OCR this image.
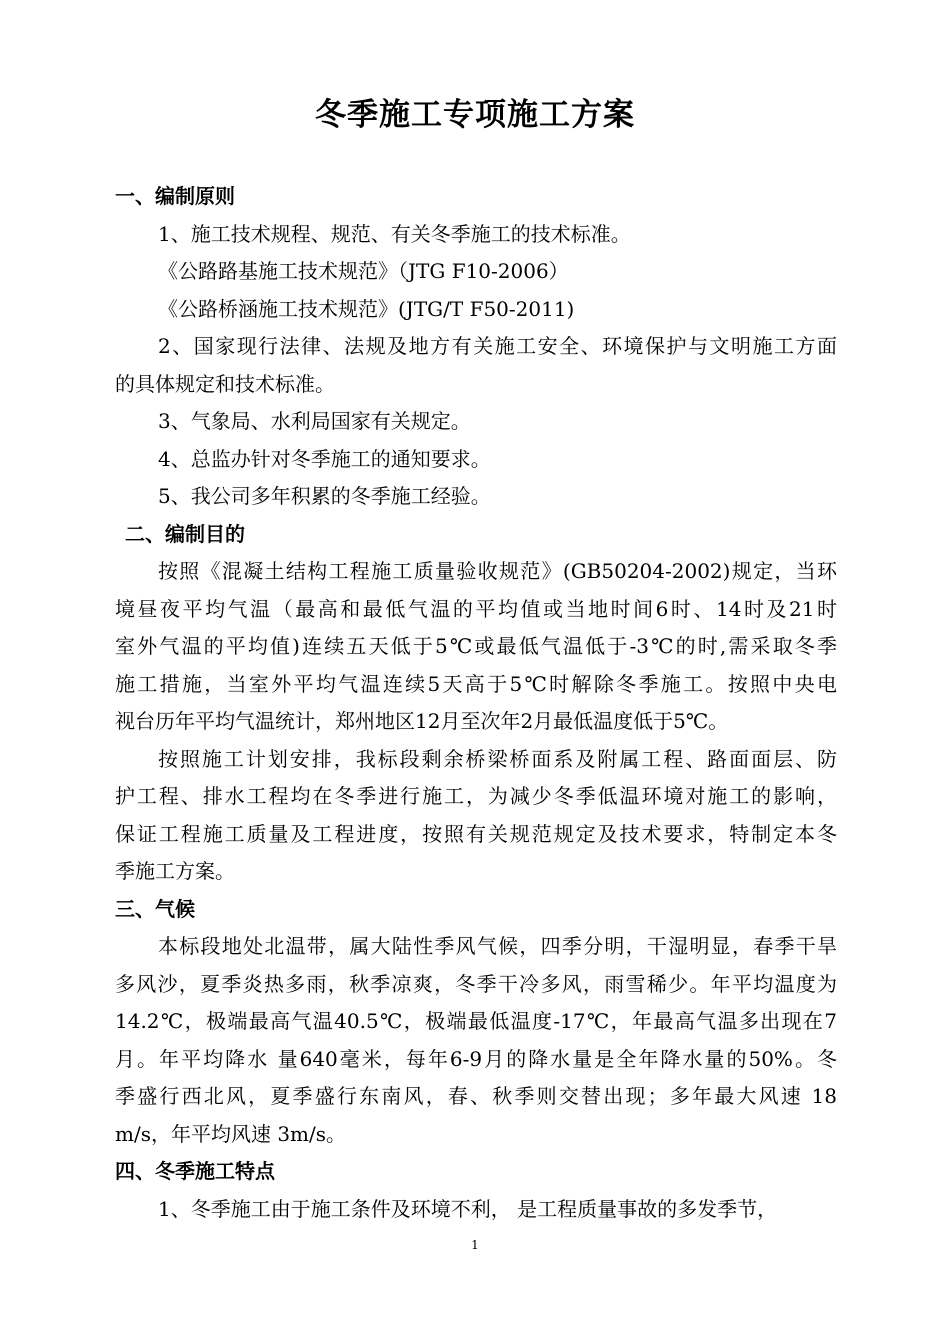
冬季施工专项施工方案
一、编制原则
1、施工技术规程、规范、有关冬季施工的技术标准。
《公路路基施工技术规范》（JTG F10-2006）
《公路桥涵施工技术规范》(JTG/T F50-2011)
2、国家现行法律、法规及地方有关施工安全、环境保护与文明施工方面
的具体规定和技术标准。
3、气象局、水利局国家有关规定。
4、总监办针对冬季施工的通知要求。
5、我公司多年积累的冬季施工经验。
二、编制目的
按照《混凝土结构工程施工质量验收规范》(GB50204-2002)规定，当环
境昼夜平均气温（最高和最低气温的平均值或当地时间6时、14时及21时
室外气温的平均值)连续五天低于5℃或最低气温低于-3℃的时,需采取冬季
施工措施，当室外平均气温连续5天高于5℃时解除冬季施工。按照中央电
视台历年平均气温统计，郑州地区12月至次年2月最低温度低于5℃。
按照施工计划安排，我标段剩余桥梁桥面系及附属工程、路面面层、防
护工程、排水工程均在冬季进行施工，为减少冬季低温环境对施工的影响，
保证工程施工质量及工程进度，按照有关规范规定及技术要求，特制定本冬
季施工方案。
三、气候
本标段地处北温带，属大陆性季风气候，四季分明，干湿明显，春季干旱
多风沙，夏季炎热多雨，秋季凉爽，冬季干冷多风，雨雪稀少。年平均温度为
14.2℃，极端最高气温40.5℃，极端最低温度-17℃，年最高气温多出现在7
月。年平均降水 量640毫米，每年6-9月的降水量是全年降水量的50%。冬
季盛行西北风，夏季盛行东南风，春、秋季则交替出现；多年最大风速 18
m/s，年平均风速 3m/s。
四、冬季施工特点
1、冬季施工由于施工条件及环境不利， 是工程质量事故的多发季节，
1
